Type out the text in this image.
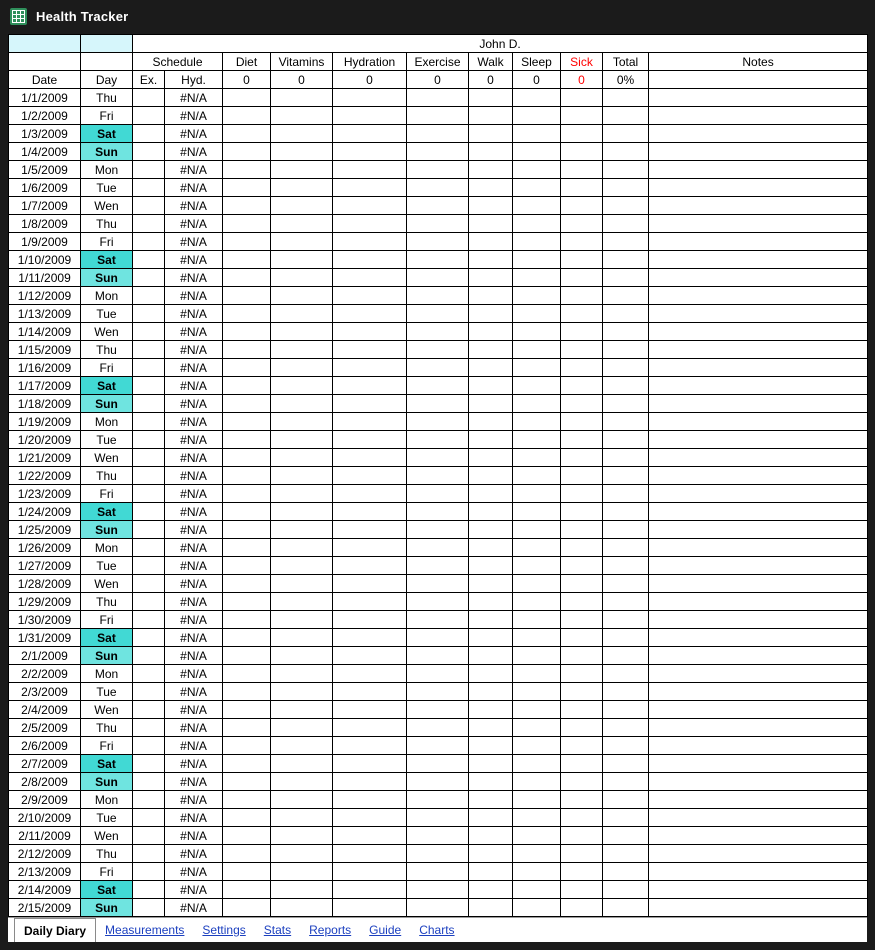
Health Tracker
		John D.										
		Schedule		Diet	Vitamins	Hydration	Exercise	Walk	Sleep	Sick	Total	Notes
Date	Day	Ex.	Hyd.	0	0	0	0	0	0	0	0%	
1/1/2009	Thu		#N/A									
1/2/2009	Fri		#N/A									
1/3/2009	Sat		#N/A									
1/4/2009	Sun		#N/A									
1/5/2009	Mon		#N/A									
1/6/2009	Tue		#N/A									
1/7/2009	Wen		#N/A									
1/8/2009	Thu		#N/A									
1/9/2009	Fri		#N/A									
1/10/2009	Sat		#N/A									
1/11/2009	Sun		#N/A									
1/12/2009	Mon		#N/A									
1/13/2009	Tue		#N/A									
1/14/2009	Wen		#N/A									
1/15/2009	Thu		#N/A									
1/16/2009	Fri		#N/A									
1/17/2009	Sat		#N/A									
1/18/2009	Sun		#N/A									
1/19/2009	Mon		#N/A									
1/20/2009	Tue		#N/A									
1/21/2009	Wen		#N/A									
1/22/2009	Thu		#N/A									
1/23/2009	Fri		#N/A									
1/24/2009	Sat		#N/A									
1/25/2009	Sun		#N/A									
1/26/2009	Mon		#N/A									
1/27/2009	Tue		#N/A									
1/28/2009	Wen		#N/A									
1/29/2009	Thu		#N/A									
1/30/2009	Fri		#N/A									
1/31/2009	Sat		#N/A									
2/1/2009	Sun		#N/A									
2/2/2009	Mon		#N/A									
2/3/2009	Tue		#N/A									
2/4/2009	Wen		#N/A									
2/5/2009	Thu		#N/A									
2/6/2009	Fri		#N/A									
2/7/2009	Sat		#N/A									
2/8/2009	Sun		#N/A									
2/9/2009	Mon		#N/A									
2/10/2009	Tue		#N/A									
2/11/2009	Wen		#N/A									
2/12/2009	Thu		#N/A									
2/13/2009	Fri		#N/A									
2/14/2009	Sat		#N/A									
2/15/2009	Sun		#N/A									
Daily Diary	Measurements	Settings	Stats	Reports	Guide	Charts
